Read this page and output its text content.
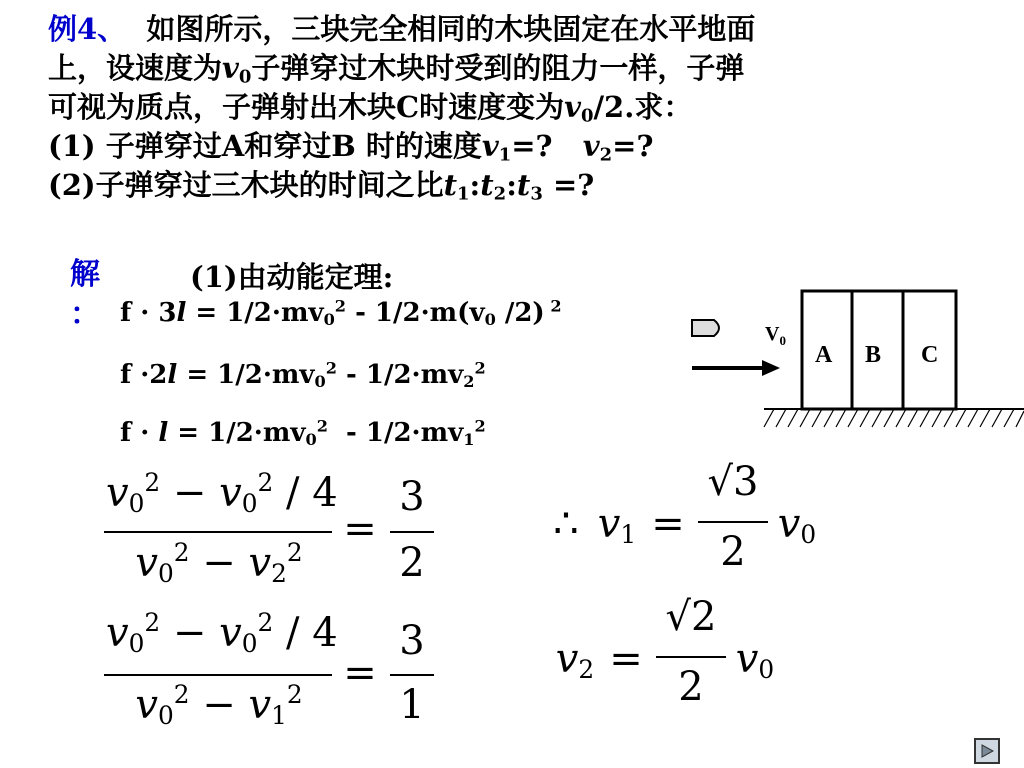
例4、 如图所示，三块完全相同的木块固定在水平地面
上，设速度为$v_0$子弹穿过木块时受到的阻力一样，子弹
可视为质点，子弹射出木块C时速度变为$v_0/2$.求：
(1) 子弹穿过A和穿过B 时的速度$v_1=$? $v_2=$?
(2)子弹穿过三木块的时间之比$t_1:t_2:t_3$ =?
解
：
(1)由动能定理:
$f \cdot 3l = 1/2\cdot mv_0^2 - 1/2\cdot m(v_0$ /2) $^2$
$f \cdot 2l = 1/2\cdot mv_0^2 - 1/2\cdot mv_2^2$
$f \cdot l = 1/2\cdot mv_0^2 - 1/2\cdot mv_1^2$
$V_0$
A B C
$v_0^2 - v_0^2 / 4$
$v_0^2 - v_2^2$
=
3
2
$v_0^2 - v_0^2 / 4$
$v_0^2 - v_1^2$	=
3
1
∴ $v_1$ =
√3
2
$v_0$
$v_2$ =
√2
2
$v_0$
